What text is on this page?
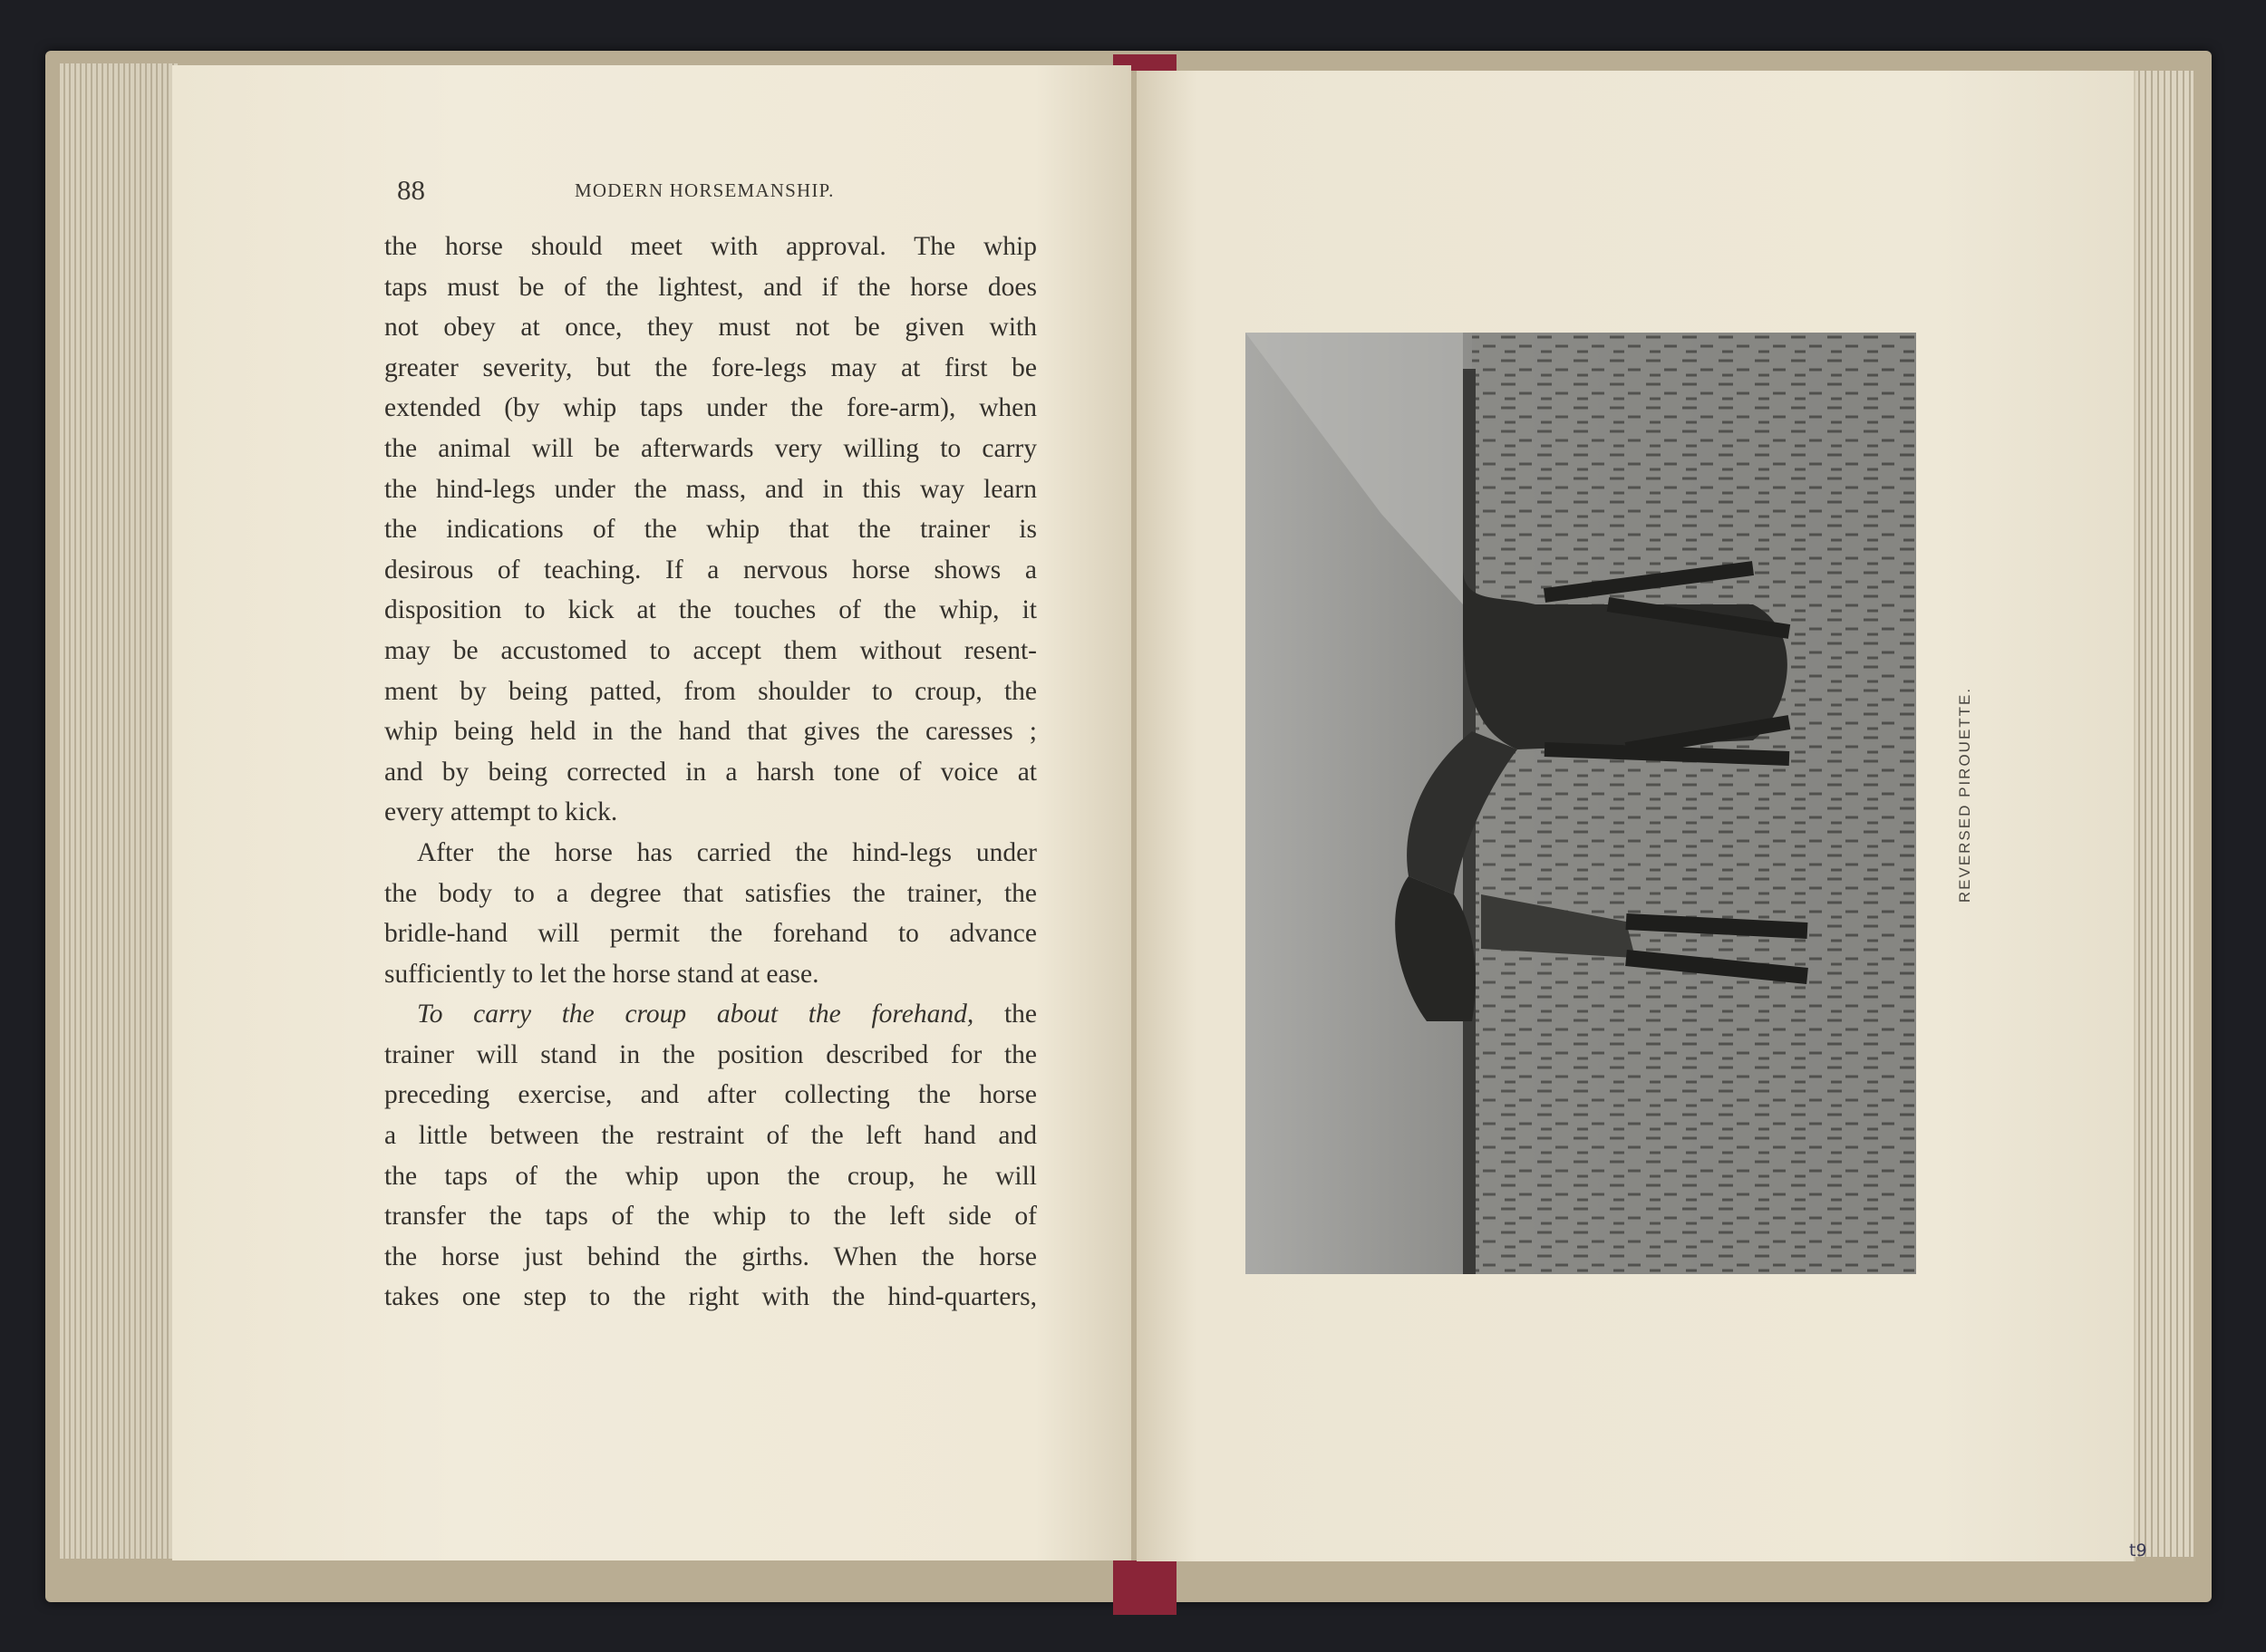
88	MODERN HORSEMANSHIP.
the horse should meet with approval. The whip
taps must be of the lightest, and if the horse does
not obey at once, they must not be given with
greater severity, but the fore-legs may at first be
extended (by whip taps under the fore-arm), when
the animal will be afterwards very willing to carry
the hind-legs under the mass, and in this way learn
the indications of the whip that the trainer is
desirous of teaching. If a nervous horse shows a
disposition to kick at the touches of the whip, it
may be accustomed to accept them without resent-
ment by being patted, from shoulder to croup, the
whip being held in the hand that gives the caresses ;
and by being corrected in a harsh tone of voice at
every attempt to kick.
After the horse has carried the hind-legs under
the body to a degree that satisfies the trainer, the
bridle-hand will permit the forehand to advance
sufficiently to let the horse stand at ease.
To carry the croup about the forehand, the
trainer will stand in the position described for the
preceding exercise, and after collecting the horse
a little between the restraint of the left hand and
the taps of the whip upon the croup, he will
transfer the taps of the whip to the left side of
the horse just behind the girths. When the horse
takes one step to the right with the hind-quarters,
REVERSED PIROUETTE.
t9
